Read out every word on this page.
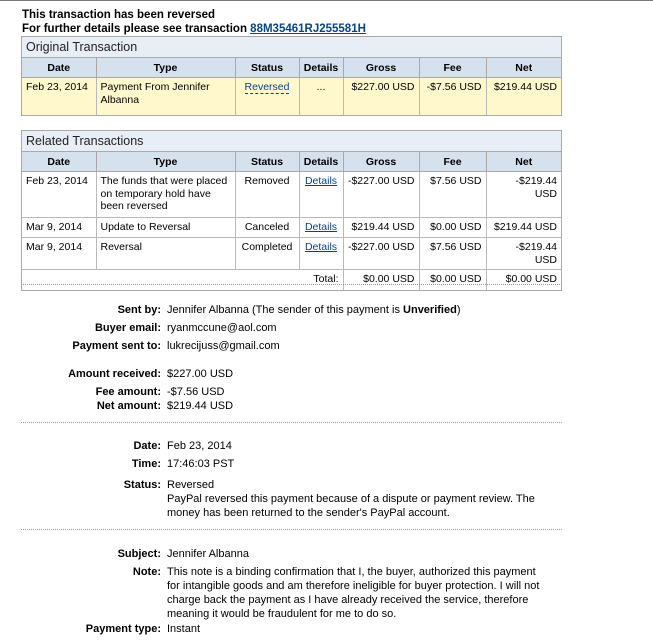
This transaction has been reversed
For further details please see transaction 88M35461RJ255581H
Original Transaction
Date	Type	Status	Details	Gross	Fee	Net
Feb 23, 2014	Payment From Jennifer Albanna	Reversed	...	$227.00 USD	-$7.56 USD	$219.44 USD
Related Transactions
Date	Type	Status	Details	Gross	Fee	Net
Feb 23, 2014	The funds that were placed on temporary hold have been reversed	Removed	Details	-$227.00 USD	$7.56 USD	-$219.44 USD
Mar 9, 2014	Update to Reversal	Canceled	Details	$219.44 USD	$0.00 USD	$219.44 USD
Mar 9, 2014	Reversal	Completed	Details	-$227.00 USD	$7.56 USD	-$219.44 USD
Total:				$0.00 USD	$0.00 USD	$0.00 USD
Sent by: Jennifer Albanna (The sender of this payment is Unverified)
Buyer email: ryanmccune@aol.com
Payment sent to: lukrecijuss@gmail.com
Amount received: $227.00 USD
Fee amount: -$7.56 USD
Net amount: $219.44 USD
Date: Feb 23, 2014
Time: 17:46:03 PST
Status: Reversed
PayPal reversed this payment because of a dispute or payment review. The money has been returned to the sender's PayPal account.
Subject: Jennifer Albanna
Note: This note is a binding confirmation that I, the buyer, authorized this payment for intangible goods and am therefore ineligible for buyer protection. I will not charge back the payment as I have already received the service, therefore meaning it would be fraudulent for me to do so.
Payment type: Instant
